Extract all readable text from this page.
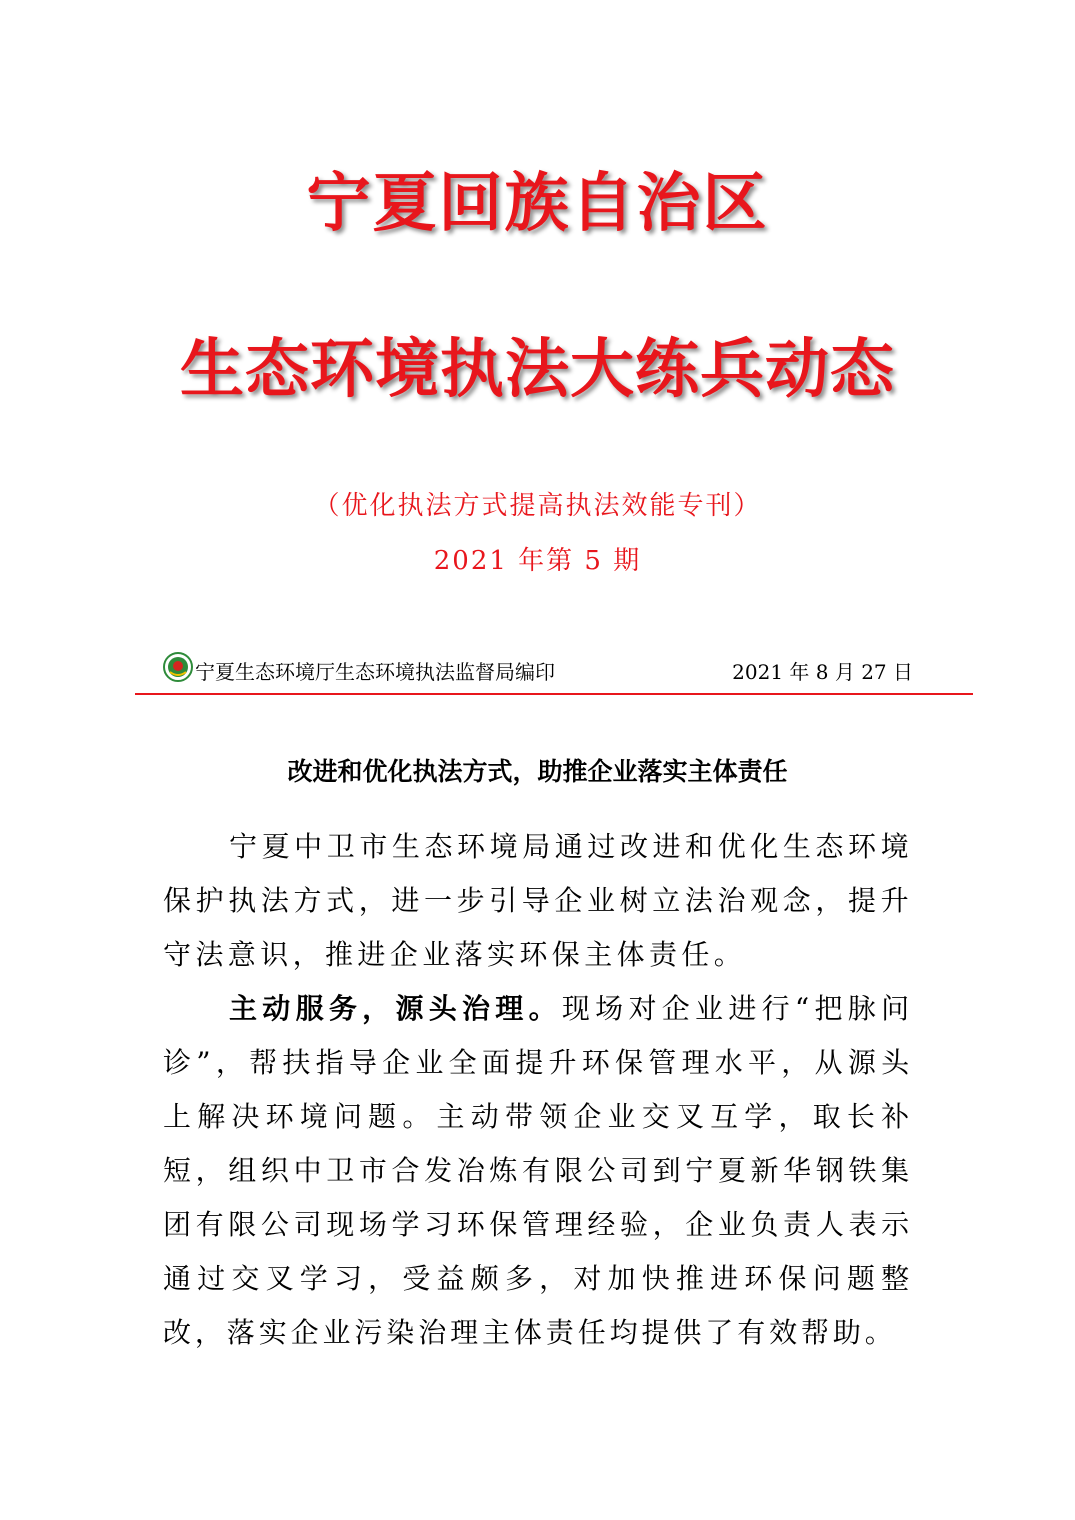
宁夏回族自治区
生态环境执法大练兵动态
（优化执法方式提高执法效能专刊）
2021 年第 5 期
宁夏生态环境厅生态环境执法监督局编印	2021 年 8 月 27 日
改进和优化执法方式，助推企业落实主体责任

宁夏中卫市生态环境局通过改进和优化生态环境保护执法方式，进一步引导企业树立法治观念，提升守法意识，推进企业落实环保主体责任。

主动服务，源头治理。现场对企业进行“把脉问诊”，帮扶指导企业全面提升环保管理水平，从源头上解决环境问题。主动带领企业交叉互学，取长补短，组织中卫市合发冶炼有限公司到宁夏新华钢铁集团有限公司现场学习环保管理经验，企业负责人表示通过交叉学习，受益颇多，对加快推进环保问题整改，落实企业污染治理主体责任均提供了有效帮助。
